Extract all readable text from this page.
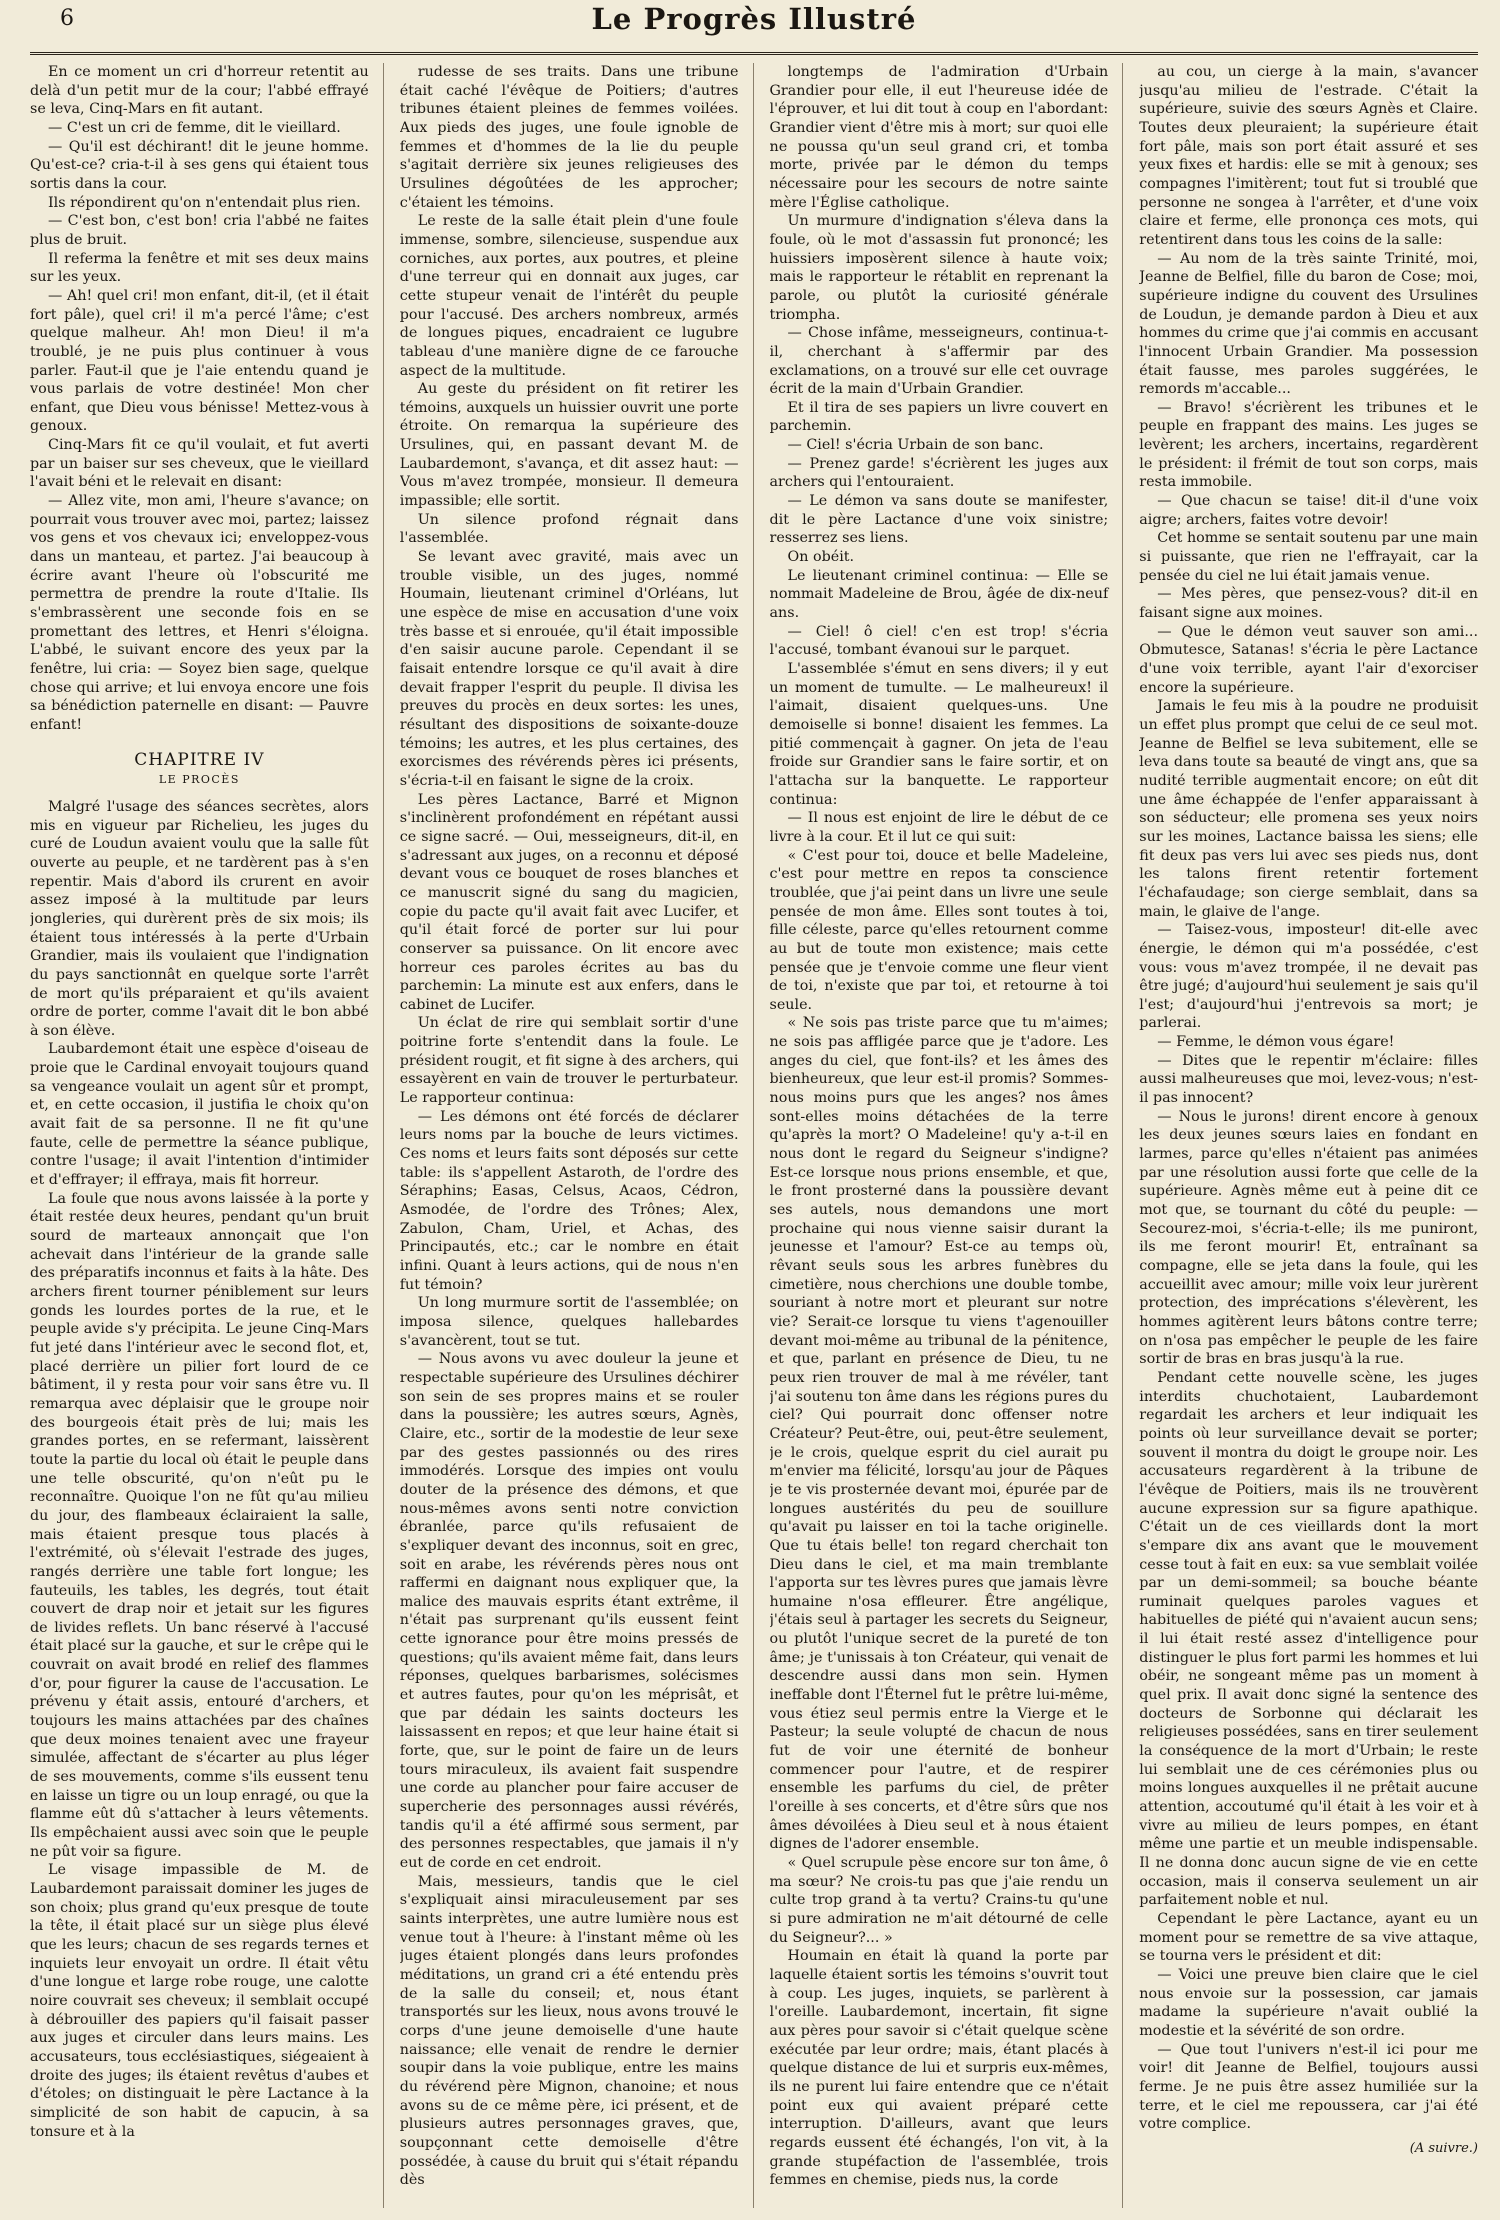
6	Le Progrès Illustré

En ce moment un cri d'horreur retentit au delà d'un petit mur de la cour; l'abbé effrayé se leva, Cinq-Mars en fit autant.

— C'est un cri de femme, dit le vieillard.

— Qu'il est déchirant! dit le jeune homme. Qu'est-ce? cria-t-il à ses gens qui étaient tous sortis dans la cour.

Ils répondirent qu'on n'entendait plus rien.

— C'est bon, c'est bon! cria l'abbé ne faites plus de bruit.

Il referma la fenêtre et mit ses deux mains sur les yeux.

— Ah! quel cri! mon enfant, dit-il, (et il était fort pâle), quel cri! il m'a percé l'âme; c'est quelque malheur. Ah! mon Dieu! il m'a troublé, je ne puis plus continuer à vous parler. Faut-il que je l'aie entendu quand je vous parlais de votre destinée! Mon cher enfant, que Dieu vous bénisse! Mettez-vous à genoux.

Cinq-Mars fit ce qu'il voulait, et fut averti par un baiser sur ses cheveux, que le vieillard l'avait béni et le relevait en disant:

— Allez vite, mon ami, l'heure s'avance; on pourrait vous trouver avec moi, partez; laissez vos gens et vos chevaux ici; enveloppez-vous dans un manteau, et partez. J'ai beaucoup à écrire avant l'heure où l'obscurité me permettra de prendre la route d'Italie. Ils s'embrassèrent une seconde fois en se promettant des lettres, et Henri s'éloigna. L'abbé, le suivant encore des yeux par la fenêtre, lui cria: — Soyez bien sage, quelque chose qui arrive; et lui envoya encore une fois sa bénédiction paternelle en disant: — Pauvre enfant!

CHAPITRE IV
LE PROCÈS

Malgré l'usage des séances secrètes, alors mis en vigueur par Richelieu, les juges du curé de Loudun avaient voulu que la salle fût ouverte au peuple, et ne tardèrent pas à s'en repentir. Mais d'abord ils crurent en avoir assez imposé à la multitude par leurs jongleries, qui durèrent près de six mois; ils étaient tous intéressés à la perte d'Urbain Grandier, mais ils voulaient que l'indignation du pays sanctionnât en quelque sorte l'arrêt de mort qu'ils préparaient et qu'ils avaient ordre de porter, comme l'avait dit le bon abbé à son élève.

Laubardemont était une espèce d'oiseau de proie que le Cardinal envoyait toujours quand sa vengeance voulait un agent sûr et prompt, et, en cette occasion, il justifia le choix qu'on avait fait de sa personne. Il ne fit qu'une faute, celle de permettre la séance publique, contre l'usage; il avait l'intention d'intimider et d'effrayer; il effraya, mais fit horreur.

La foule que nous avons laissée à la porte y était restée deux heures, pendant qu'un bruit sourd de marteaux annonçait que l'on achevait dans l'intérieur de la grande salle des préparatifs inconnus et faits à la hâte. Des archers firent tourner péniblement sur leurs gonds les lourdes portes de la rue, et le peuple avide s'y précipita. Le jeune Cinq-Mars fut jeté dans l'intérieur avec le second flot, et, placé derrière un pilier fort lourd de ce bâtiment, il y resta pour voir sans être vu. Il remarqua avec déplaisir que le groupe noir des bourgeois était près de lui; mais les grandes portes, en se refermant, laissèrent toute la partie du local où était le peuple dans une telle obscurité, qu'on n'eût pu le reconnaître. Quoique l'on ne fût qu'au milieu du jour, des flambeaux éclairaient la salle, mais étaient presque tous placés à l'extrémité, où s'élevait l'estrade des juges, rangés derrière une table fort longue; les fauteuils, les tables, les degrés, tout était couvert de drap noir et jetait sur les figures de livides reflets. Un banc réservé à l'accusé était placé sur la gauche, et sur le crêpe qui le couvrait on avait brodé en relief des flammes d'or, pour figurer la cause de l'accusation. Le prévenu y était assis, entouré d'archers, et toujours les mains attachées par des chaînes que deux moines tenaient avec une frayeur simulée, affectant de s'écarter au plus léger de ses mouvements, comme s'ils eussent tenu en laisse un tigre ou un loup enragé, ou que la flamme eût dû s'attacher à leurs vêtements. Ils empêchaient aussi avec soin que le peuple ne pût voir sa figure.

Le visage impassible de M. de Laubardemont paraissait dominer les juges de son choix; plus grand qu'eux presque de toute la tête, il était placé sur un siège plus élevé que les leurs; chacun de ses regards ternes et inquiets leur envoyait un ordre. Il était vêtu d'une longue et large robe rouge, une calotte noire couvrait ses cheveux; il semblait occupé à débrouiller des papiers qu'il faisait passer aux juges et circuler dans leurs mains. Les accusateurs, tous ecclésiastiques, siégeaient à droite des juges; ils étaient revêtus d'aubes et d'étoles; on distinguait le père Lactance à la simplicité de son habit de capucin, à sa tonsure et à la

rudesse de ses traits. Dans une tribune était caché l'évêque de Poitiers; d'autres tribunes étaient pleines de femmes voilées. Aux pieds des juges, une foule ignoble de femmes et d'hommes de la lie du peuple s'agitait derrière six jeunes religieuses des Ursulines dégoûtées de les approcher; c'étaient les témoins.

Le reste de la salle était plein d'une foule immense, sombre, silencieuse, suspendue aux corniches, aux portes, aux poutres, et pleine d'une terreur qui en donnait aux juges, car cette stupeur venait de l'intérêt du peuple pour l'accusé. Des archers nombreux, armés de longues piques, encadraient ce lugubre tableau d'une manière digne de ce farouche aspect de la multitude.

Au geste du président on fit retirer les témoins, auxquels un huissier ouvrit une porte étroite. On remarqua la supérieure des Ursulines, qui, en passant devant M. de Laubardemont, s'avança, et dit assez haut: — Vous m'avez trompée, monsieur. Il demeura impassible; elle sortit.

Un silence profond régnait dans l'assemblée.

Se levant avec gravité, mais avec un trouble visible, un des juges, nommé Houmain, lieutenant criminel d'Orléans, lut une espèce de mise en accusation d'une voix très basse et si enrouée, qu'il était impossible d'en saisir aucune parole. Cependant il se faisait entendre lorsque ce qu'il avait à dire devait frapper l'esprit du peuple. Il divisa les preuves du procès en deux sortes: les unes, résultant des dispositions de soixante-douze témoins; les autres, et les plus certaines, des exorcismes des révérends pères ici présents, s'écria-t-il en faisant le signe de la croix.

Les pères Lactance, Barré et Mignon s'inclinèrent profondément en répétant aussi ce signe sacré. — Oui, messeigneurs, dit-il, en s'adressant aux juges, on a reconnu et déposé devant vous ce bouquet de roses blanches et ce manuscrit signé du sang du magicien, copie du pacte qu'il avait fait avec Lucifer, et qu'il était forcé de porter sur lui pour conserver sa puissance. On lit encore avec horreur ces paroles écrites au bas du parchemin: La minute est aux enfers, dans le cabinet de Lucifer.

Un éclat de rire qui semblait sortir d'une poitrine forte s'entendit dans la foule. Le président rougit, et fit signe à des archers, qui essayèrent en vain de trouver le perturbateur. Le rapporteur continua:

— Les démons ont été forcés de déclarer leurs noms par la bouche de leurs victimes. Ces noms et leurs faits sont déposés sur cette table: ils s'appellent Astaroth, de l'ordre des Séraphins; Easas, Celsus, Acaos, Cédron, Asmodée, de l'ordre des Trônes; Alex, Zabulon, Cham, Uriel, et Achas, des Principautés, etc.; car le nombre en était infini. Quant à leurs actions, qui de nous n'en fut témoin?

Un long murmure sortit de l'assemblée; on imposa silence, quelques hallebardes s'avancèrent, tout se tut.

— Nous avons vu avec douleur la jeune et respectable supérieure des Ursulines déchirer son sein de ses propres mains et se rouler dans la poussière; les autres sœurs, Agnès, Claire, etc., sortir de la modestie de leur sexe par des gestes passionnés ou des rires immodérés. Lorsque des impies ont voulu douter de la présence des démons, et que nous-mêmes avons senti notre conviction ébranlée, parce qu'ils refusaient de s'expliquer devant des inconnus, soit en grec, soit en arabe, les révérends pères nous ont raffermi en daignant nous expliquer que, la malice des mauvais esprits étant extrême, il n'était pas surprenant qu'ils eussent feint cette ignorance pour être moins pressés de questions; qu'ils avaient même fait, dans leurs réponses, quelques barbarismes, solécismes et autres fautes, pour qu'on les méprisât, et que par dédain les saints docteurs les laissassent en repos; et que leur haine était si forte, que, sur le point de faire un de leurs tours miraculeux, ils avaient fait suspendre une corde au plancher pour faire accuser de supercherie des personnages aussi révérés, tandis qu'il a été affirmé sous serment, par des personnes respectables, que jamais il n'y eut de corde en cet endroit.

Mais, messieurs, tandis que le ciel s'expliquait ainsi miraculeusement par ses saints interprètes, une autre lumière nous est venue tout à l'heure: à l'instant même où les juges étaient plongés dans leurs profondes méditations, un grand cri a été entendu près de la salle du conseil; et, nous étant transportés sur les lieux, nous avons trouvé le corps d'une jeune demoiselle d'une haute naissance; elle venait de rendre le dernier soupir dans la voie publique, entre les mains du révérend père Mignon, chanoine; et nous avons su de ce même père, ici présent, et de plusieurs autres personnages graves, que, soupçonnant cette demoiselle d'être possédée, à cause du bruit qui s'était répandu dès

longtemps de l'admiration d'Urbain Grandier pour elle, il eut l'heureuse idée de l'éprouver, et lui dit tout à coup en l'abordant: Grandier vient d'être mis à mort; sur quoi elle ne poussa qu'un seul grand cri, et tomba morte, privée par le démon du temps nécessaire pour les secours de notre sainte mère l'Église catholique.

Un murmure d'indignation s'éleva dans la foule, où le mot d'assassin fut prononcé; les huissiers imposèrent silence à haute voix; mais le rapporteur le rétablit en reprenant la parole, ou plutôt la curiosité générale triompha.

— Chose infâme, messeigneurs, continua-t-il, cherchant à s'affermir par des exclamations, on a trouvé sur elle cet ouvrage écrit de la main d'Urbain Grandier.

Et il tira de ses papiers un livre couvert en parchemin.

— Ciel! s'écria Urbain de son banc.

— Prenez garde! s'écrièrent les juges aux archers qui l'entouraient.

— Le démon va sans doute se manifester, dit le père Lactance d'une voix sinistre; resserrez ses liens.

On obéit.

Le lieutenant criminel continua: — Elle se nommait Madeleine de Brou, âgée de dix-neuf ans.

— Ciel! ô ciel! c'en est trop! s'écria l'accusé, tombant évanoui sur le parquet.

L'assemblée s'émut en sens divers; il y eut un moment de tumulte. — Le malheureux! il l'aimait, disaient quelques-uns. Une demoiselle si bonne! disaient les femmes. La pitié commençait à gagner. On jeta de l'eau froide sur Grandier sans le faire sortir, et on l'attacha sur la banquette. Le rapporteur continua:

— Il nous est enjoint de lire le début de ce livre à la cour. Et il lut ce qui suit:

« C'est pour toi, douce et belle Madeleine, c'est pour mettre en repos ta conscience troublée, que j'ai peint dans un livre une seule pensée de mon âme. Elles sont toutes à toi, fille céleste, parce qu'elles retournent comme au but de toute mon existence; mais cette pensée que je t'envoie comme une fleur vient de toi, n'existe que par toi, et retourne à toi seule.

« Ne sois pas triste parce que tu m'aimes; ne sois pas affligée parce que je t'adore. Les anges du ciel, que font-ils? et les âmes des bienheureux, que leur est-il promis? Sommes-nous moins purs que les anges? nos âmes sont-elles moins détachées de la terre qu'après la mort? O Madeleine! qu'y a-t-il en nous dont le regard du Seigneur s'indigne? Est-ce lorsque nous prions ensemble, et que, le front prosterné dans la poussière devant ses autels, nous demandons une mort prochaine qui nous vienne saisir durant la jeunesse et l'amour? Est-ce au temps où, rêvant seuls sous les arbres funèbres du cimetière, nous cherchions une double tombe, souriant à notre mort et pleurant sur notre vie? Serait-ce lorsque tu viens t'agenouiller devant moi-même au tribunal de la pénitence, et que, parlant en présence de Dieu, tu ne peux rien trouver de mal à me révéler, tant j'ai soutenu ton âme dans les régions pures du ciel? Qui pourrait donc offenser notre Créateur? Peut-être, oui, peut-être seulement, je le crois, quelque esprit du ciel aurait pu m'envier ma félicité, lorsqu'au jour de Pâques je te vis prosternée devant moi, épurée par de longues austérités du peu de souillure qu'avait pu laisser en toi la tache originelle. Que tu étais belle! ton regard cherchait ton Dieu dans le ciel, et ma main tremblante l'apporta sur tes lèvres pures que jamais lèvre humaine n'osa effleurer. Être angélique, j'étais seul à partager les secrets du Seigneur, ou plutôt l'unique secret de la pureté de ton âme; je t'unissais à ton Créateur, qui venait de descendre aussi dans mon sein. Hymen ineffable dont l'Éternel fut le prêtre lui-même, vous étiez seul permis entre la Vierge et le Pasteur; la seule volupté de chacun de nous fut de voir une éternité de bonheur commencer pour l'autre, et de respirer ensemble les parfums du ciel, de prêter l'oreille à ses concerts, et d'être sûrs que nos âmes dévoilées à Dieu seul et à nous étaient dignes de l'adorer ensemble.

« Quel scrupule pèse encore sur ton âme, ô ma sœur? Ne crois-tu pas que j'aie rendu un culte trop grand à ta vertu? Crains-tu qu'une si pure admiration ne m'ait détourné de celle du Seigneur?... »

Houmain en était là quand la porte par laquelle étaient sortis les témoins s'ouvrit tout à coup. Les juges, inquiets, se parlèrent à l'oreille. Laubardemont, incertain, fit signe aux pères pour savoir si c'était quelque scène exécutée par leur ordre; mais, étant placés à quelque distance de lui et surpris eux-mêmes, ils ne purent lui faire entendre que ce n'était point eux qui avaient préparé cette interruption. D'ailleurs, avant que leurs regards eussent été échangés, l'on vit, à la grande stupéfaction de l'assemblée, trois femmes en chemise, pieds nus, la corde

au cou, un cierge à la main, s'avancer jusqu'au milieu de l'estrade. C'était la supérieure, suivie des sœurs Agnès et Claire. Toutes deux pleuraient; la supérieure était fort pâle, mais son port était assuré et ses yeux fixes et hardis: elle se mit à genoux; ses compagnes l'imitèrent; tout fut si troublé que personne ne songea à l'arrêter, et d'une voix claire et ferme, elle prononça ces mots, qui retentirent dans tous les coins de la salle:

— Au nom de la très sainte Trinité, moi, Jeanne de Belfiel, fille du baron de Cose; moi, supérieure indigne du couvent des Ursulines de Loudun, je demande pardon à Dieu et aux hommes du crime que j'ai commis en accusant l'innocent Urbain Grandier. Ma possession était fausse, mes paroles suggérées, le remords m'accable...

— Bravo! s'écrièrent les tribunes et le peuple en frappant des mains. Les juges se levèrent; les archers, incertains, regardèrent le président: il frémit de tout son corps, mais resta immobile.

— Que chacun se taise! dit-il d'une voix aigre; archers, faites votre devoir!

Cet homme se sentait soutenu par une main si puissante, que rien ne l'effrayait, car la pensée du ciel ne lui était jamais venue.

— Mes pères, que pensez-vous? dit-il en faisant signe aux moines.

— Que le démon veut sauver son ami... Obmutesce, Satanas! s'écria le père Lactance d'une voix terrible, ayant l'air d'exorciser encore la supérieure.

Jamais le feu mis à la poudre ne produisit un effet plus prompt que celui de ce seul mot. Jeanne de Belfiel se leva subitement, elle se leva dans toute sa beauté de vingt ans, que sa nudité terrible augmentait encore; on eût dit une âme échappée de l'enfer apparaissant à son séducteur; elle promena ses yeux noirs sur les moines, Lactance baissa les siens; elle fit deux pas vers lui avec ses pieds nus, dont les talons firent retentir fortement l'échafaudage; son cierge semblait, dans sa main, le glaive de l'ange.

— Taisez-vous, imposteur! dit-elle avec énergie, le démon qui m'a possédée, c'est vous: vous m'avez trompée, il ne devait pas être jugé; d'aujourd'hui seulement je sais qu'il l'est; d'aujourd'hui j'entrevois sa mort; je parlerai.

— Femme, le démon vous égare!

— Dites que le repentir m'éclaire: filles aussi malheureuses que moi, levez-vous; n'est-il pas innocent?

— Nous le jurons! dirent encore à genoux les deux jeunes sœurs laies en fondant en larmes, parce qu'elles n'étaient pas animées par une résolution aussi forte que celle de la supérieure. Agnès même eut à peine dit ce mot que, se tournant du côté du peuple: — Secourez-moi, s'écria-t-elle; ils me puniront, ils me feront mourir! Et, entraînant sa compagne, elle se jeta dans la foule, qui les accueillit avec amour; mille voix leur jurèrent protection, des imprécations s'élevèrent, les hommes agitèrent leurs bâtons contre terre; on n'osa pas empêcher le peuple de les faire sortir de bras en bras jusqu'à la rue.

Pendant cette nouvelle scène, les juges interdits chuchotaient, Laubardemont regardait les archers et leur indiquait les points où leur surveillance devait se porter; souvent il montra du doigt le groupe noir. Les accusateurs regardèrent à la tribune de l'évêque de Poitiers, mais ils ne trouvèrent aucune expression sur sa figure apathique. C'était un de ces vieillards dont la mort s'empare dix ans avant que le mouvement cesse tout à fait en eux: sa vue semblait voilée par un demi-sommeil; sa bouche béante ruminait quelques paroles vagues et habituelles de piété qui n'avaient aucun sens; il lui était resté assez d'intelligence pour distinguer le plus fort parmi les hommes et lui obéir, ne songeant même pas un moment à quel prix. Il avait donc signé la sentence des docteurs de Sorbonne qui déclarait les religieuses possédées, sans en tirer seulement la conséquence de la mort d'Urbain; le reste lui semblait une de ces cérémonies plus ou moins longues auxquelles il ne prêtait aucune attention, accoutumé qu'il était à les voir et à vivre au milieu de leurs pompes, en étant même une partie et un meuble indispensable. Il ne donna donc aucun signe de vie en cette occasion, mais il conserva seulement un air parfaitement noble et nul.

Cependant le père Lactance, ayant eu un moment pour se remettre de sa vive attaque, se tourna vers le président et dit:

— Voici une preuve bien claire que le ciel nous envoie sur la possession, car jamais madame la supérieure n'avait oublié la modestie et la sévérité de son ordre.

— Que tout l'univers n'est-il ici pour me voir! dit Jeanne de Belfiel, toujours aussi ferme. Je ne puis être assez humiliée sur la terre, et le ciel me repoussera, car j'ai été votre complice.

(A suivre.)
